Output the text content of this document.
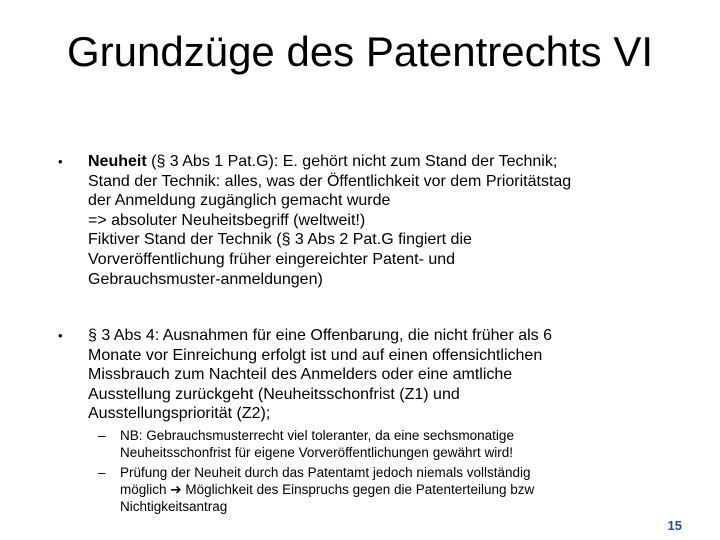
Grundzüge des Patentrechts VI
• Neuheit (§ 3 Abs 1 Pat.G): E. gehört nicht zum Stand der Technik;
Stand der Technik: alles, was der Öffentlichkeit vor dem Prioritätstag
der Anmeldung zugänglich gemacht wurde
=> absoluter Neuheitsbegriff (weltweit!)
Fiktiver Stand der Technik (§ 3 Abs 2 Pat.G fingiert die
Vorveröffentlichung früher eingereichter Patent- und
Gebrauchsmuster-anmeldungen)
• § 3 Abs 4: Ausnahmen für eine Offenbarung, die nicht früher als 6
Monate vor Einreichung erfolgt ist und auf einen offensichtlichen
Missbrauch zum Nachteil des Anmelders oder eine amtliche
Ausstellung zurückgeht (Neuheitsschonfrist (Z1) und
Ausstellungspriorität (Z2);
– NB: Gebrauchsmusterrecht viel toleranter, da eine sechsmonatige
Neuheitsschonfrist für eigene Vorveröffentlichungen gewährt wird!
– Prüfung der Neuheit durch das Patentamt jedoch niemals vollständig
möglich ➔ Möglichkeit des Einspruchs gegen die Patenterteilung bzw
Nichtigkeitsantrag
15
